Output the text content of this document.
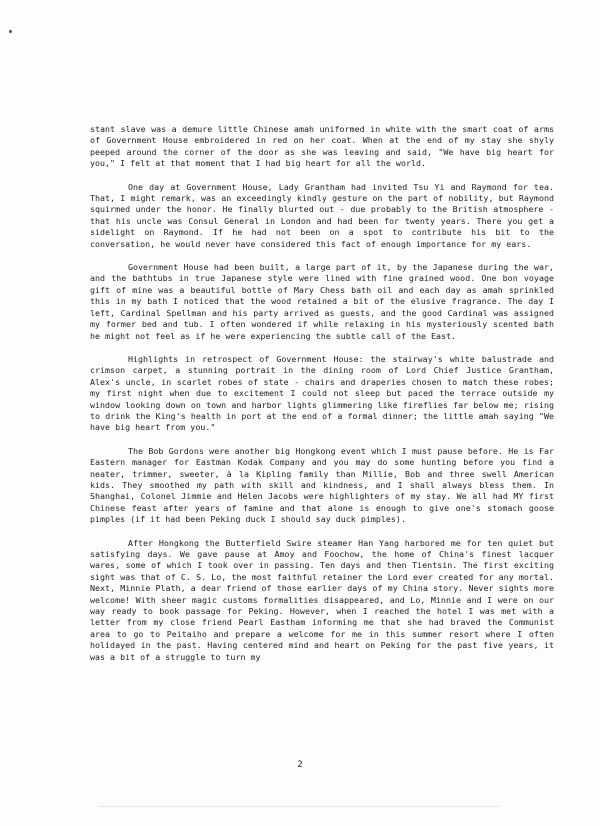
stant slave was a demure little Chinese amah uniformed in white with the smart coat of arms of Government House embroidered in red on her coat. When at the end of my stay she shyly peeped around the corner of the door as she was leaving and said, "We have big heart for you," I felt at that moment that I had big heart for all the world.

One day at Government House, Lady Grantham had invited Tsu Yi and Raymond for tea. That, I might remark, was an exceedingly kindly gesture on the part of nobility, but Raymond squirmed under the honor. He finally blurted out - due probably to the British atmosphere - that his uncle was Consul General in London and had been for twenty years. There you get a sidelight on Raymond. If he had not been on a spot to contribute his bit to the conversation, he would never have considered this fact of enough importance for my ears.

Government House had been built, a large part of it, by the Japanese during the war, and the bathtubs in true Japanese style were lined with fine grained wood. One bon voyage gift of mine was a beautiful bottle of Mary Chess bath oil and each day as amah sprinkled this in my bath I noticed that the wood retained a bit of the elusive fragrance. The day I left, Cardinal Spellman and his party arrived as guests, and the good Cardinal was assigned my former bed and tub. I often wondered if while relaxing in his mysteriously scented bath he might not feel as if he were experiencing the subtle call of the East.

Highlights in retrospect of Government House: the stairway's white balustrade and crimson carpet, a stunning portrait in the dining room of Lord Chief Justice Grantham, Alex's uncle, in scarlet robes of state - chairs and draperies chosen to match these robes; my first night when due to excitement I could not sleep but paced the terrace outside my window looking down on town and harbor lights glimmering like fireflies far below me; rising to drink the King's health in port at the end of a formal dinner; the little amah saying "We have big heart from you."

The Bob Gordons were another big Hongkong event which I must pause before. He is Far Eastern manager for Eastman Kodak Company and you may do some hunting before you find a neater, trimmer, sweeter, à la Kipling family than Millie, Bob and three swell American kids. They smoothed my path with skill and kindness, and I shall always bless them. In Shanghai, Colonel Jimmie and Helen Jacobs were highlighters of my stay. We all had MY first Chinese feast after years of famine and that alone is enough to give one's stomach goose pimples (if it had been Peking duck I should say duck pimples).

After Hongkong the Butterfield Swire steamer Han Yang harbored me for ten quiet but satisfying days. We gave pause at Amoy and Foochow, the home of China's finest lacquer wares, some of which I took over in passing. Ten days and then Tientsin. The first exciting sight was that of C. S. Lo, the most faithful retainer the Lord ever created for any mortal. Next, Minnie Plath, a dear friend of those earlier days of my China story. Never sights more welcome! With sheer magic customs formalities disappeared, and Lo, Minnie and I were on our way ready to book passage for Peking. However, when I reached the hotel I was met with a letter from my close friend Pearl Eastham informing me that she had braved the Communist area to go to Peitaiho and prepare a welcome for me in this summer resort where I often holidayed in the past. Having centered mind and heart on Peking for the past five years, it was a bit of a struggle to turn my

2
